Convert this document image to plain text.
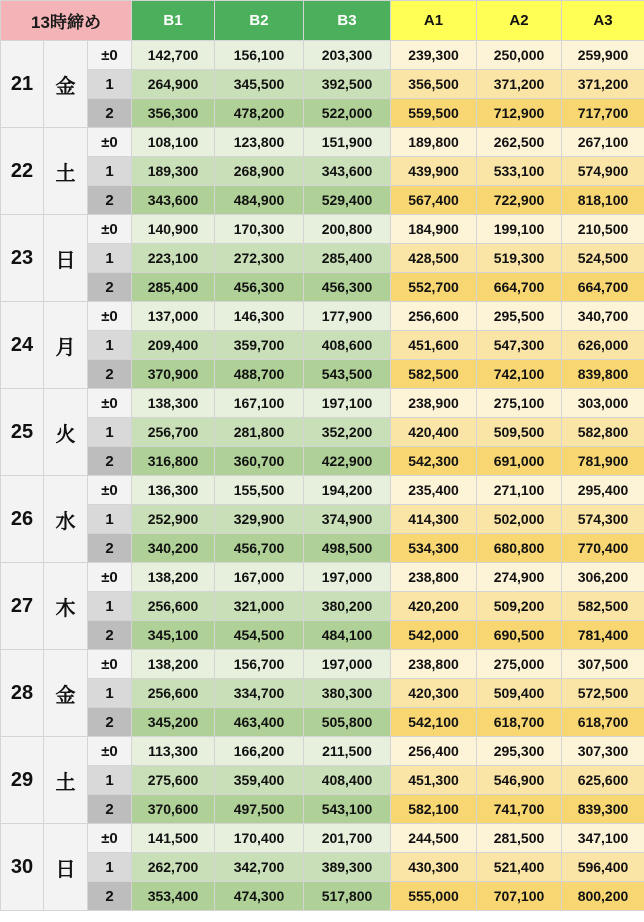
13時締め			B1	B2	B3	A1	A2	A3
21	金	±0	142,700	156,100	203,300	239,300	250,000	259,900
		1	264,900	345,500	392,500	356,500	371,200	371,200
		2	356,300	478,200	522,000	559,500	712,900	717,700
22	土	±0	108,100	123,800	151,900	189,800	262,500	267,100
		1	189,300	268,900	343,600	439,900	533,100	574,900
		2	343,600	484,900	529,400	567,400	722,900	818,100
23	日	±0	140,900	170,300	200,800	184,900	199,100	210,500
		1	223,100	272,300	285,400	428,500	519,300	524,500
		2	285,400	456,300	456,300	552,700	664,700	664,700
24	月	±0	137,000	146,300	177,900	256,600	295,500	340,700
		1	209,400	359,700	408,600	451,600	547,300	626,000
		2	370,900	488,700	543,500	582,500	742,100	839,800
25	火	±0	138,300	167,100	197,100	238,900	275,100	303,000
		1	256,700	281,800	352,200	420,400	509,500	582,800
		2	316,800	360,700	422,900	542,300	691,000	781,900
26	水	±0	136,300	155,500	194,200	235,400	271,100	295,400
		1	252,900	329,900	374,900	414,300	502,000	574,300
		2	340,200	456,700	498,500	534,300	680,800	770,400
27	木	±0	138,200	167,000	197,000	238,800	274,900	306,200
		1	256,600	321,000	380,200	420,200	509,200	582,500
		2	345,100	454,500	484,100	542,000	690,500	781,400
28	金	±0	138,200	156,700	197,000	238,800	275,000	307,500
		1	256,600	334,700	380,300	420,300	509,400	572,500
		2	345,200	463,400	505,800	542,100	618,700	618,700
29	土	±0	113,300	166,200	211,500	256,400	295,300	307,300
		1	275,600	359,400	408,400	451,300	546,900	625,600
		2	370,600	497,500	543,100	582,100	741,700	839,300
30	日	±0	141,500	170,400	201,700	244,500	281,500	347,100
		1	262,700	342,700	389,300	430,300	521,400	596,400
		2	353,400	474,300	517,800	555,000	707,100	800,200
